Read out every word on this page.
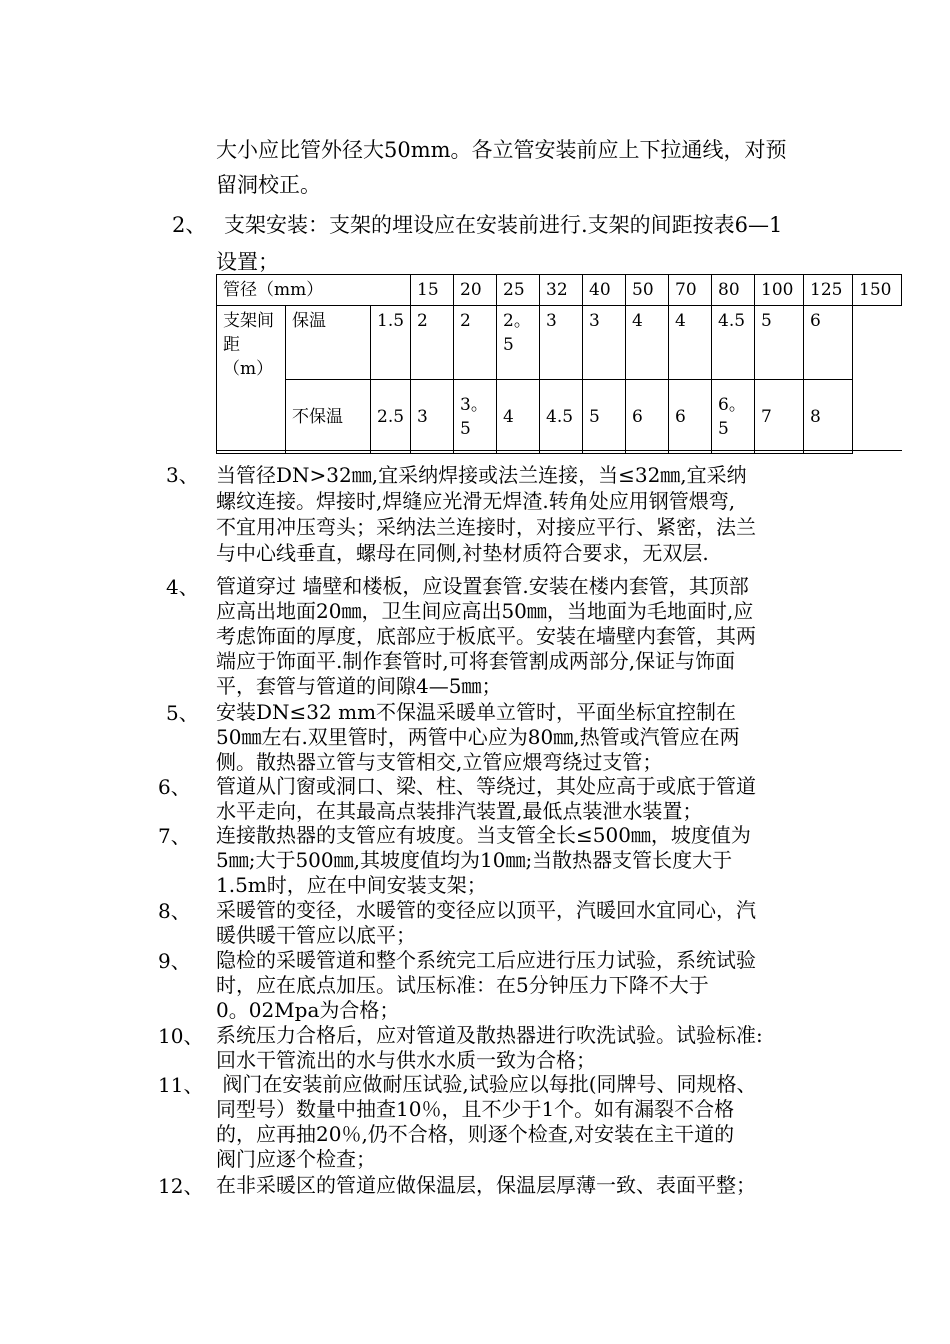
大小应比管外径大50mm。各立管安装前应上下拉通线，对预
留洞校正。
2、 支架安装：支架的埋设应在安装前进行.支架的间距按表6—1
设置；
管径（mm）			15	20	25	32	40	50	70	80	100	125	150
支架间距（m）	保温	1.5	2	2	2。5	3	3	4	4	4.5	5	6	
	不保温	2.5	3	3。5	4	4.5	5	6	6	6。5	7	8	
3、 当管径DN>32㎜,宜采纳焊接或法兰连接，当≤32㎜,宜采纳
螺纹连接。焊接时,焊缝应光滑无焊渣.转角处应用钢管煨弯,
不宜用冲压弯头；采纳法兰连接时，对接应平行、紧密，法兰
与中心线垂直，螺母在同侧,衬垫材质符合要求，无双层.
4、 管道穿过 墙壁和楼板，应设置套管.安装在楼内套管，其顶部
应高出地面20㎜，卫生间应高出50㎜，当地面为毛地面时,应
考虑饰面的厚度，底部应于板底平。安装在墙壁内套管，其两
端应于饰面平.制作套管时,可将套管割成两部分,保证与饰面
平，套管与管道的间隙4—5㎜；
5、 安装DN≤32 mm不保温采暖单立管时，平面坐标宜控制在
50㎜左右.双里管时，两管中心应为80㎜,热管或汽管应在两
侧。散热器立管与支管相交,立管应煨弯绕过支管；
6、 管道从门窗或洞口、梁、柱、等绕过，其处应高于或底于管道
水平走向，在其最高点装排汽装置,最低点装泄水装置；
7、 连接散热器的支管应有坡度。当支管全长≤500㎜，坡度值为
5㎜;大于500㎜,其坡度值均为10㎜;当散热器支管长度大于
1.5m时，应在中间安装支架；
8、 采暖管的变径，水暖管的变径应以顶平，汽暖回水宜同心，汽
暖供暖干管应以底平；
9、 隐检的采暖管道和整个系统完工后应进行压力试验，系统试验
时，应在底点加压。试压标准：在5分钟压力下降不大于
0。02Mpa为合格；
10、 系统压力合格后，应对管道及散热器进行吹洗试验。试验标准:
回水干管流出的水与供水水质一致为合格；
11、 阀门在安装前应做耐压试验,试验应以每批(同牌号、同规格、
同型号）数量中抽查10％，且不少于1个。如有漏裂不合格
的，应再抽20％,仍不合格，则逐个检查,对安装在主干道的
阀门应逐个检查；
12、 在非采暖区的管道应做保温层，保温层厚薄一致、表面平整；
